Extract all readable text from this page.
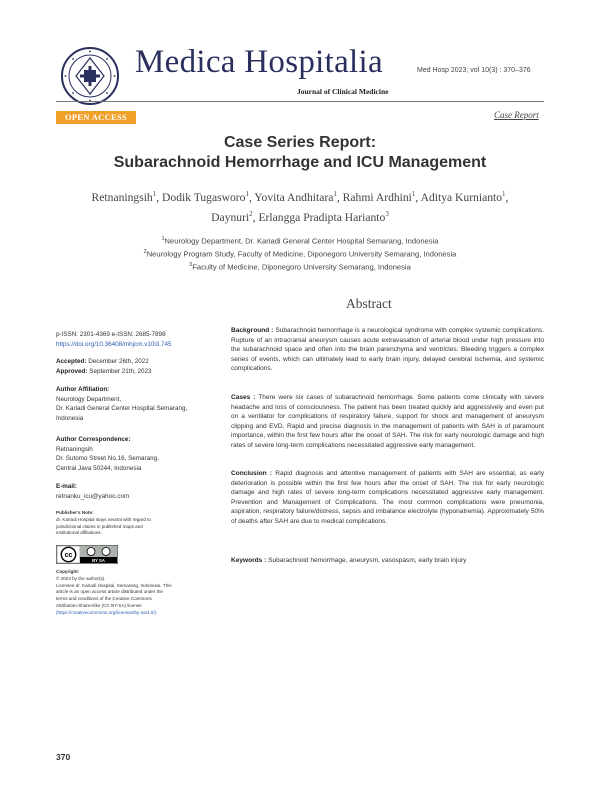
Medica Hospitalia
Journal of Clinical Medicine
Med Hosp 2023; vol 10(3) : 370–376
OPEN ACCESS	Case Report
Case Series Report:
Subarachnoid Hemorrhage and ICU Management
Retnaningsih$^1$, Dodik Tugasworo$^1$, Yovita Andhitara$^1$, Rahmi Ardhini$^1$, Aditya Kurnianto$^1$,
Daynuri$^2$, Erlangga Pradipta Harianto$^3$
$^1$Neurology Department, Dr. Kariadi General Center Hospital Semarang, Indonesia
$^2$Neurology Program Study, Faculty of Medicine, Diponegoro University Semarang, Indonesia
$^3$Faculty of Medicine, Diponegoro University Semarang, Indonesia
Abstract
p-ISSN: 2301-4369 e-ISSN: 2685-7898
https://doi.org/10.36408/mhjcm.v10i3.745
Accepted: December 26th, 2022
Approved: September 21th, 2023
Author Affiliation:
Neurology Department,
Dr. Kariadi General Center Hospital Semarang,
Indonesia
Author Correspondence:
Retnaningsih
Dr. Sutomo Street No.16, Semarang,
Central Java 50244, Indonesia
E-mail:
retnanku_icu@yahoo.com
Publisher's Note:
dr. Kariadi Hospital stays neutral with regard to
jurisdictional claims in published maps and
institutional affiliations.
cc
BY SA
Copyright:
© 2023 by the author(s).
Licensee dr. Kariadi Hospital, Semarang, Indonesia. This
article is an open access article distributed under the
terms and conditions of the Creative Commons
Attribution-ShareAlike (CC BY-SA) license
(https://creativecommons.org/licenses/by-sa/4.0/).
Background : Subarachnoid hemorrhage is a neurological syndrome with complex systemic complications. Rupture of an intracranial aneurysm causes acute extravasation of arterial blood under high pressure into the subarachnoid space and often into the brain parenchyma and ventricles. Bleeding triggers a complex series of events, which can ultimately lead to early brain injury, delayed cerebral ischemia, and systemic complications.
Cases : There were six cases of subarachnoid hemorrhage. Some patients come clinically with severe headache and loss of consciousness. The patient has been treated quickly and aggressively and even put on a ventilator for complications of respiratory failure, support for shock and management of aneurysm clipping and EVD. Rapid and precise diagnosis in the management of patients with SAH is of paramount importance, within the first few hours after the onset of SAH. The risk for early neurologic damage and high rates of severe long-term complications necessitated aggressive early management.
Conclusion : Rapid diagnosis and attentive management of patients with SAH are essential, as early deterioration is possible within the first few hours after the onset of SAH. The risk for early neurologic damage and high rates of severe long-term complications necessitated aggressive early management. Prevention and Management of Complications. The most common complications were pneumonia, aspiration, respiratory failure/distress, sepsis and imbalance electrolyte (hyponatremia). Approximately 50% of deaths after SAH are due to medical complications.
Keywords : Subarachnoid hemorrhage, aneurysm, vasospasm, early brain injury
370
